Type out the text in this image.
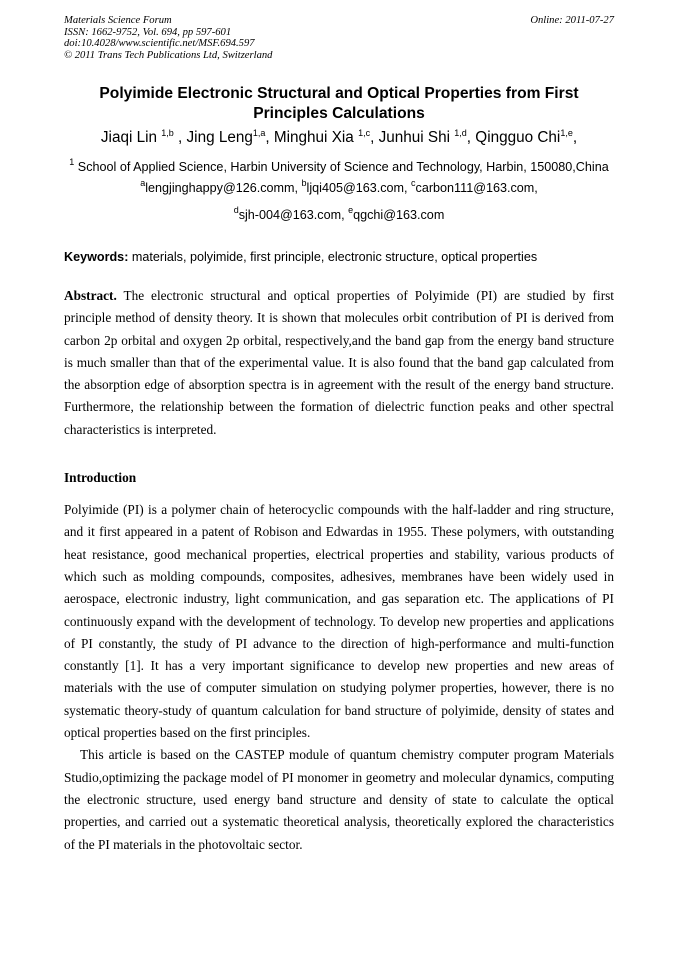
Materials Science Forum
ISSN: 1662-9752, Vol. 694, pp 597-601
doi:10.4028/www.scientific.net/MSF.694.597
© 2011 Trans Tech Publications Ltd, Switzerland
Online: 2011-07-27
Polyimide Electronic Structural and Optical Properties from First Principles Calculations
Jiaqi Lin $^{1,b}$ , Jing Leng$^{1,a}$, Minghui Xia $^{1,c}$, Junhui Shi $^{1,d}$, Qingguo Chi$^{1,e}$,
$^1$ School of Applied Science, Harbin University of Science and Technology, Harbin, 150080,China
$^a$lengjinghappy@126.comm, $^b$ljqi405@163.com, $^c$carbon111@163.com,
$^d$sjh-004@163.com, $^e$qgchi@163.com
Keywords: materials, polyimide, first principle, electronic structure, optical properties
Abstract. The electronic structural and optical properties of Polyimide (PI) are studied by first principle method of density theory. It is shown that molecules orbit contribution of PI is derived from carbon 2p orbital and oxygen 2p orbital, respectively,and the band gap from the energy band structure is much smaller than that of the experimental value. It is also found that the band gap calculated from the absorption edge of absorption spectra is in agreement with the result of the energy band structure. Furthermore, the relationship between the formation of dielectric function peaks and other spectral characteristics is interpreted.
Introduction

Polyimide (PI) is a polymer chain of heterocyclic compounds with the half-ladder and ring structure, and it first appeared in a patent of Robison and Edwardas in 1955. These polymers, with outstanding heat resistance, good mechanical properties, electrical properties and stability, various products of which such as molding compounds, composites, adhesives, membranes have been widely used in aerospace, electronic industry, light communication, and gas separation etc. The applications of PI continuously expand with the development of technology. To develop new properties and applications of PI constantly, the study of PI advance to the direction of high-performance and multi-function constantly [1]. It has a very important significance to develop new properties and new areas of materials with the use of computer simulation on studying polymer properties, however, there is no systematic theory-study of quantum calculation for band structure of polyimide, density of states and optical properties based on the first principles.

This article is based on the CASTEP module of quantum chemistry computer program Materials Studio,optimizing the package model of PI monomer in geometry and molecular dynamics, computing the electronic structure, used energy band structure and density of state to calculate the optical properties, and carried out a systematic theoretical analysis, theoretically explored the characteristics of the PI materials in the photovoltaic sector.
